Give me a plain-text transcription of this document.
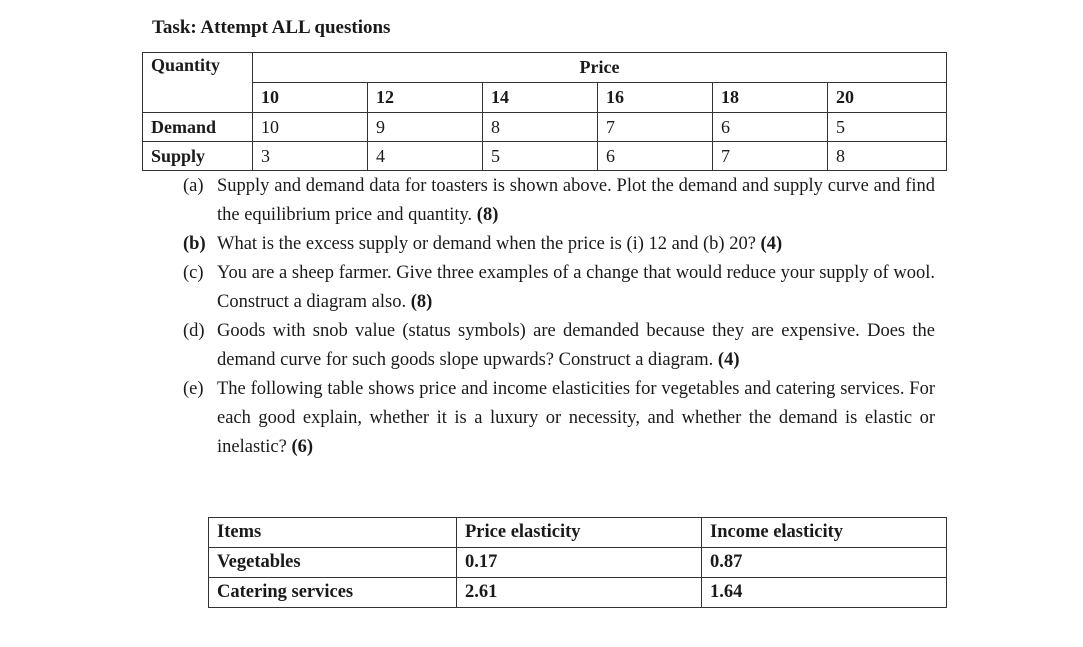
Task: Attempt ALL questions
Quantity	Price					
	10	12	14	16	18	20
Demand	10	9	8	7	6	5
Supply	3	4	5	6	7	8
(a) Supply and demand data for toasters is shown above. Plot the demand and supply curve and find the equilibrium price and quantity. (8)
(b) What is the excess supply or demand when the price is (i) 12 and (b) 20? (4)
(c) You are a sheep farmer. Give three examples of a change that would reduce your supply of wool. Construct a diagram also. (8)
(d) Goods with snob value (status symbols) are demanded because they are expensive. Does the demand curve for such goods slope upwards? Construct a diagram. (4)
(e) The following table shows price and income elasticities for vegetables and catering services. For each good explain, whether it is a luxury or necessity, and whether the demand is elastic or inelastic? (6)
Items	Price elasticity	Income elasticity
Vegetables	0.17	0.87
Catering services	2.61	1.64
